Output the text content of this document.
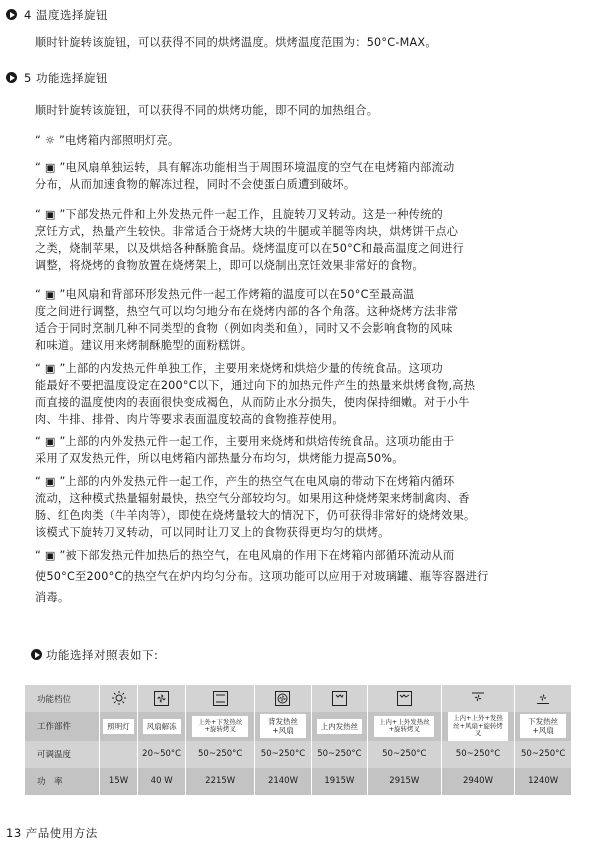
4 温度选择旋钮
顺时针旋转该旋钮，可以获得不同的烘烤温度。烘烤温度范围为：50°C-MAX。
5 功能选择旋钮
顺时针旋转该旋钮，可以获得不同的烘烤功能，即不同的加热组合。
“ ☼ ”电烤箱内部照明灯亮。
“ ▣ ”电风扇单独运转，具有解冻功能相当于周围环境温度的空气在电烤箱内部流动
分布，从而加速食物的解冻过程，同时不会使蛋白质遭到破坏。
“ ▣ ”下部发热元件和上外发热元件一起工作，且旋转刀叉转动。这是一种传统的
烹饪方式，热量产生较快。非常适合于烧烤大块的牛腿或羊腿等肉块，烘烤饼干点心
之类，烧制苹果，以及烘焙各种酥脆食品。烧烤温度可以在50°C和最高温度之间进行
调整，将烧烤的食物放置在烧烤架上，即可以烧制出烹饪效果非常好的食物。
“ ▣ ”电风扇和背部环形发热元件一起工作烤箱的温度可以在50°C至最高温
度之间进行调整，热空气可以均匀地分布在烧烤内部的各个角落。这种烧烤方法非常
适合于同时烹制几种不同类型的食物（例如肉类和鱼），同时又不会影响食物的风味
和味道。建议用来烤制酥脆型的面粉糕饼。
“ ▣ ”上部的内发热元件单独工作，主要用来烧烤和烘焙少量的传统食品。这项功
能最好不要把温度设定在200°C以下，通过向下的加热元件产生的热量来烘烤食物,高热
而直接的温度使肉的表面很快变成褐色，从而防止水分损失，使肉保持细嫩。对于小牛
肉、牛排、排骨、肉片等要求表面温度较高的食物推荐使用。
“ ▣ ”上部的内外发热元件一起工作，主要用来烧烤和烘焙传统食品。这项功能由于
采用了双发热元件，所以电烤箱内部热量分布均匀，烘烤能力提高50%。
“ ▣ ”上部的内外发热元件一起工作，产生的热空气在电风扇的带动下在烤箱内循环
流动，这种模式热量辐射最快，热空气分部较均匀。如果用这种烧烤架来烤制禽肉、香
肠、红色肉类（牛羊肉等），即使在烧烤量较大的情况下，仍可获得非常好的烧烤效果。
该模式下旋转刀叉转动，可以同时让刀叉上的食物获得更均匀的烘烤。
“ ▣ ”被下部发热元件加热后的热空气，在电风扇的作用下在烤箱内部循环流动从而
使50°C至200°C的热空气在炉内均匀分布。这项功能可以应用于对玻璃罐、瓶等容器进行
消毒。
功能选择对照表如下:
功能档位		

工作部件	照明灯	风扇解冻	上外+下发热丝+旋转烤叉	背发热丝+风扇	上内发热丝	上内+上外发热丝+旋转烤叉	上内+上外+发热丝+风扇+旋转烤叉	下发热丝+风扇
可调温度		20~50°C	50~250°C	50~250°C	50~250°C	50~250°C	50~250°C	50~250°C
功　率	15W	40 W	2215W	2140W	1915W	2915W	2940W	1240W
13 产品使用方法
